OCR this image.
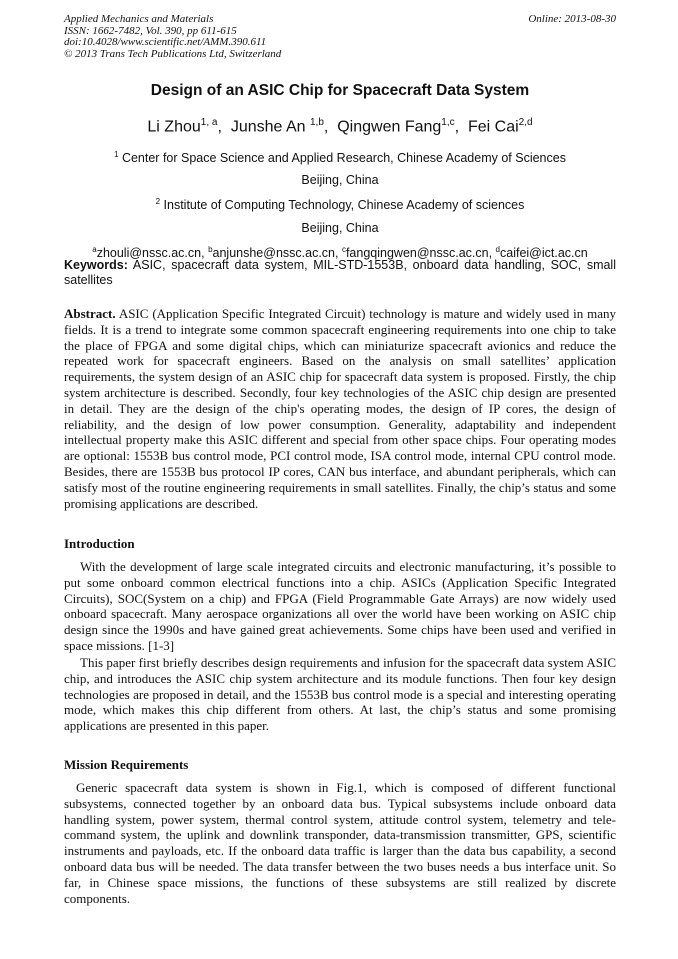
Applied Mechanics and Materials
ISSN: 1662-7482, Vol. 390, pp 611-615
doi:10.4028/www.scientific.net/AMM.390.611
© 2013 Trans Tech Publications Ltd, Switzerland
Online: 2013-08-30
Design of an ASIC Chip for Spacecraft Data System
Li Zhou$^{1, a}$,  Junshe An $^{1,b}$,  Qingwen Fang$^{1,c}$,  Fei Cai$^{2,d}$
$^1$ Center for Space Science and Applied Research, Chinese Academy of Sciences
Beijing, China
$^2$ Institute of Computing Technology, Chinese Academy of sciences
Beijing, China
$^a$zhouli@nssc.ac.cn, $^b$anjunshe@nssc.ac.cn, $^c$fangqingwen@nssc.ac.cn, $^d$caifei@ict.ac.cn
Keywords: ASIC, spacecraft data system, MIL-STD-1553B, onboard data handling, SOC, small satellites
Abstract. ASIC (Application Specific Integrated Circuit) technology is mature and widely used in many fields. It is a trend to integrate some common spacecraft engineering requirements into one chip to take the place of FPGA and some digital chips, which can miniaturize spacecraft avionics and reduce the repeated work for spacecraft engineers. Based on the analysis on small satellites’ application requirements, the system design of an ASIC chip for spacecraft data system is proposed. Firstly, the chip system architecture is described. Secondly, four key technologies of the ASIC chip design are presented in detail. They are the design of the chip's operating modes, the design of IP cores, the design of reliability, and the design of low power consumption. Generality, adaptability and independent intellectual property make this ASIC different and special from other space chips. Four operating modes are optional: 1553B bus control mode, PCI control mode, ISA control mode, internal CPU control mode. Besides, there are 1553B bus protocol IP cores, CAN bus interface, and abundant peripherals, which can satisfy most of the routine engineering requirements in small satellites. Finally, the chip’s status and some promising applications are described.
Introduction
With the development of large scale integrated circuits and electronic manufacturing, it’s possible to put some onboard common electrical functions into a chip. ASICs (Application Specific Integrated Circuits), SOC(System on a chip) and FPGA (Field Programmable Gate Arrays) are now widely used onboard spacecraft. Many aerospace organizations all over the world have been working on ASIC chip design since the 1990s and have gained great achievements. Some chips have been used and verified in space missions. [1-3]
This paper first briefly describes design requirements and infusion for the spacecraft data system ASIC chip, and introduces the ASIC chip system architecture and its module functions. Then four key design technologies are proposed in detail, and the 1553B bus control mode is a special and interesting operating mode, which makes this chip different from others. At last, the chip’s status and some promising applications are presented in this paper.
Mission Requirements
Generic spacecraft data system is shown in Fig.1, which is composed of different functional subsystems, connected together by an onboard data bus. Typical subsystems include onboard data handling system, power system, thermal control system, attitude control system, telemetry and tele-command system, the uplink and downlink transponder, data-transmission transmitter, GPS, scientific instruments and payloads, etc. If the onboard data traffic is larger than the data bus capability, a second onboard data bus will be needed. The data transfer between the two buses needs a bus interface unit. So far, in Chinese space missions, the functions of these subsystems are still realized by discrete components.
